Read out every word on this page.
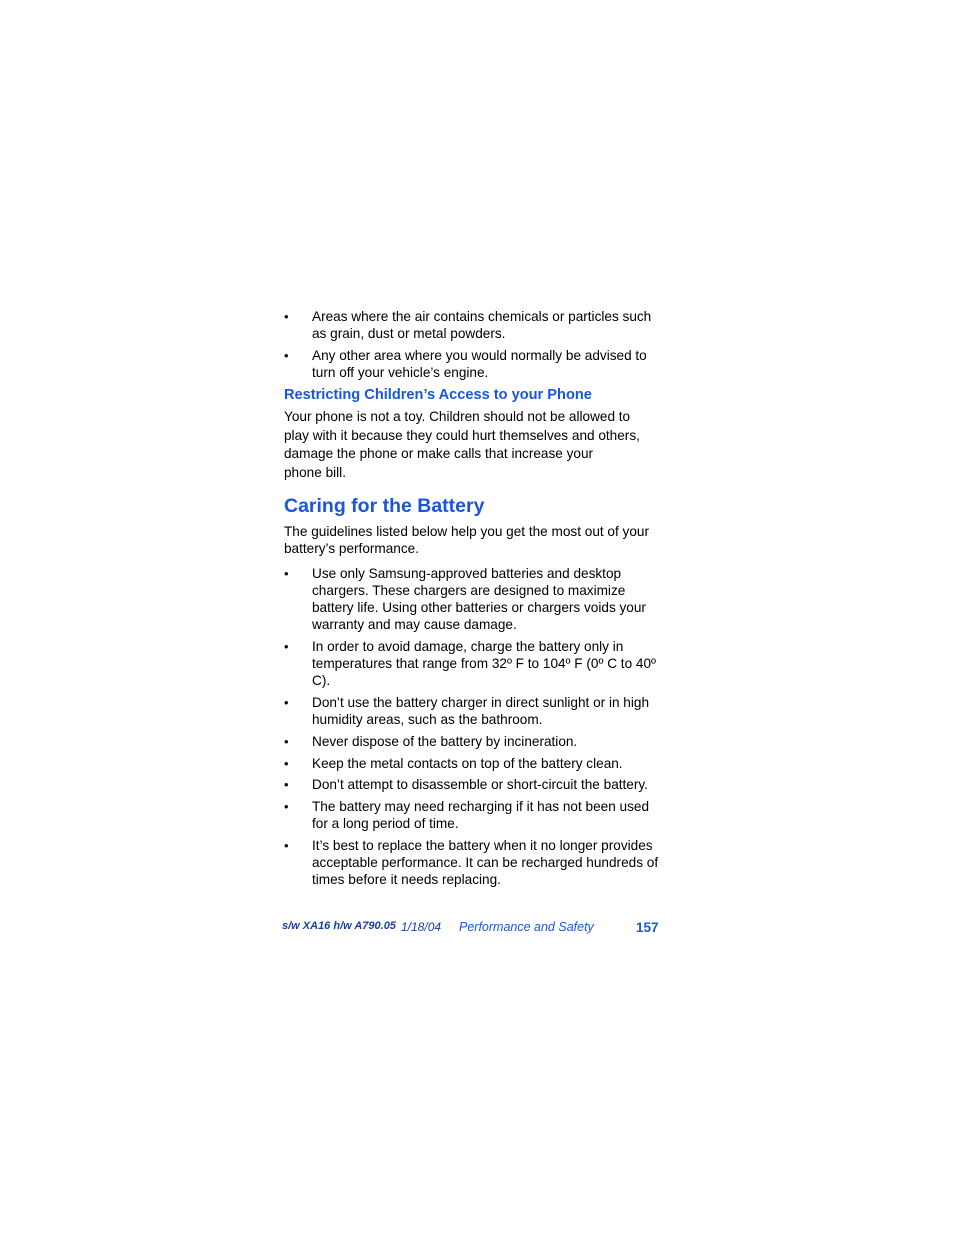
• Areas where the air contains chemicals or particles such as grain, dust or metal powders.
• Any other area where you would normally be advised to turn off your vehicle’s engine.
Restricting Children’s Access to your Phone

Your phone is not a toy. Children should not be allowed to
play with it because they could hurt themselves and others,
damage the phone or make calls that increase your
phone bill.

Caring for the Battery

The guidelines listed below help you get the most out of your battery’s performance.

• Use only Samsung-approved batteries and desktop chargers. These chargers are designed to maximize battery life. Using other batteries or chargers voids your warranty and may cause damage.
• In order to avoid damage, charge the battery only in temperatures that range from 32º F to 104º F (0º C to 40º C).
• Don’t use the battery charger in direct sunlight or in high humidity areas, such as the bathroom.
• Never dispose of the battery by incineration.
• Keep the metal contacts on top of the battery clean.
• Don’t attempt to disassemble or short-circuit the battery.
• The battery may need recharging if it has not been used for a long period of time.
• It’s best to replace the battery when it no longer provides acceptable performance. It can be recharged hundreds of times before it needs replacing.
s/w XA16 h/w A790.05 1/18/04 Performance and Safety	157
